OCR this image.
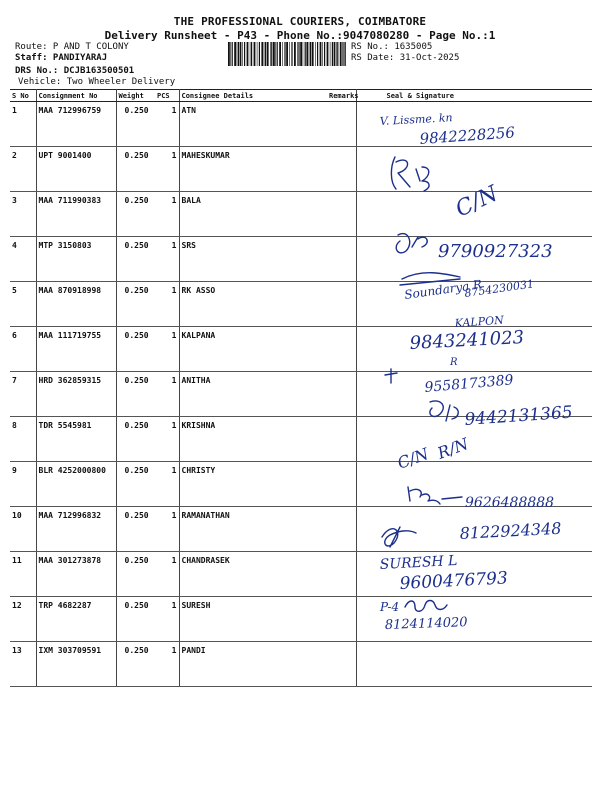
THE PROFESSIONAL COURIERS, COIMBATORE
Delivery Runsheet - P43 - Phone No.:9047080280 - Page No.:1
Route: P AND T COLONY
Staff: PANDIYARAJ
DRS No.: DCJB163500501
Vehicle: Two Wheeler Delivery
RS No.: 1635005
RS Date: 31-Oct-2025
S No	Consignment No	Weight	PCS	Consignee Details	Remarks	Seal & Signature
1	MAA 712996759	0.250	1	ATN		
2	UPT 9001400	0.250	1	MAHESKUMAR		
3	MAA 711990383	0.250	1	BALA		
4	MTP 3150803	0.250	1	SRS		
5	MAA 870918998	0.250	1	RK ASSO		
6	MAA 111719755	0.250	1	KALPANA		
7	HRD 362859315	0.250	1	ANITHA		
8	TDR 5545981	0.250	1	KRISHNA		
9	BLR 4252000800	0.250	1	CHRISTY		
10	MAA 712996832	0.250	1	RAMANATHAN		
11	MAA 301273878	0.250	1	CHANDRASEK		
12	TRP 4682287	0.250	1	SURESH		
13	IXM 303709591	0.250	1	PANDI		
V. Lissme. kn
9842228256
C/N
9790927323
Soundarya R
8754230031
KALPON
9843241023
R
9558173389
9442131365
C/N R/N
9626488888
8122924348
SURESH L
9600476793
P-4
8124114020
